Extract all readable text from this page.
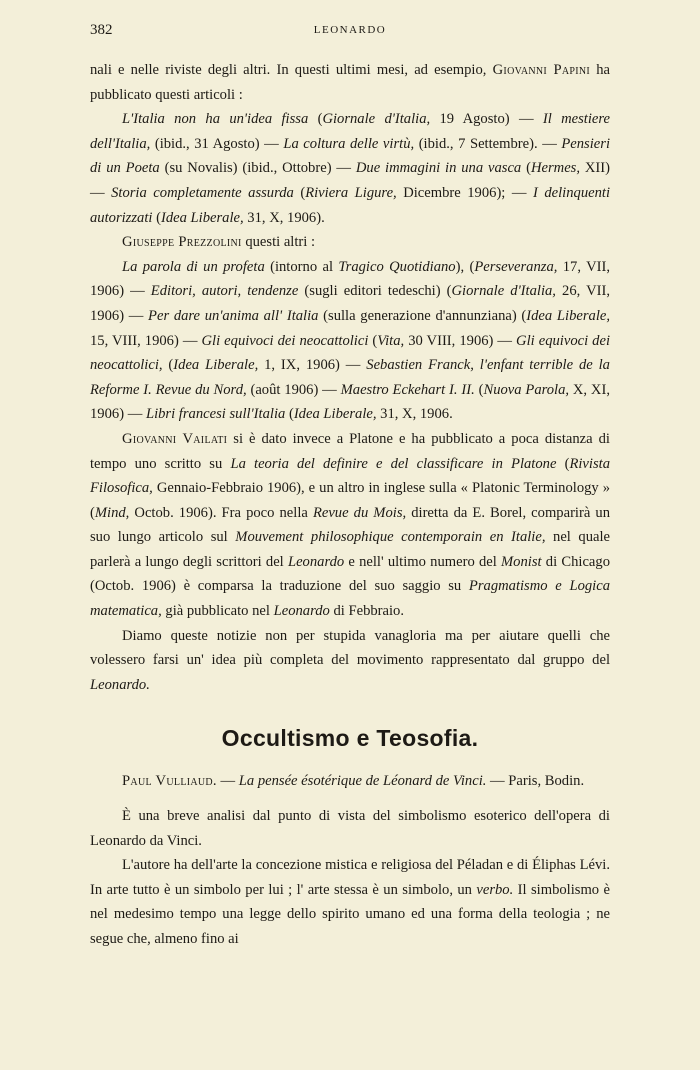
382	LEONARDO

nali e nelle riviste degli altri. In questi ultimi mesi, ad esempio, Giovanni Papini ha pubblicato questi articoli :

L'Italia non ha un'idea fissa (Giornale d'Italia, 19 Agosto) — Il mestiere dell'Italia, (ibid., 31 Agosto) — La coltura delle virtù, (ibid., 7 Settembre). — Pensieri di un Poeta (su Novalis) (ibid., Ottobre) — Due immagini in una vasca (Hermes, XII) — Storia completamente assurda (Riviera Ligure, Dicembre 1906); — I delinquenti autorizzati (Idea Liberale, 31, X, 1906).

Giuseppe Prezzolini questi altri :

La parola di un profeta (intorno al Tragico Quotidiano), (Perseveranza, 17, VII, 1906) — Editori, autori, tendenze (sugli editori tedeschi) (Giornale d'Italia, 26, VII, 1906) — Per dare un'anima all' Italia (sulla generazione d'annunziana) (Idea Liberale, 15, VIII, 1906) — Gli equivoci dei neocattolici (Vita, 30 VIII, 1906) — Gli equivoci dei neocattolici, (Idea Liberale, 1, IX, 1906) — Sebastien Franck, l'enfant terrible de la Reforme I. Revue du Nord, (août 1906) — Maestro Eckehart I. II. (Nuova Parola, X, XI, 1906) — Libri francesi sull'Italia (Idea Liberale, 31, X, 1906.

Giovanni Vailati si è dato invece a Platone e ha pubblicato a poca distanza di tempo uno scritto su La teoria del definire e del classificare in Platone (Rivista Filosofica, Gennaio-Febbraio 1906), e un altro in inglese sulla « Platonic Terminology » (Mind, Octob. 1906). Fra poco nella Revue du Mois, diretta da E. Borel, comparirà un suo lungo articolo sul Mouvement philosophique contemporain en Italie, nel quale parlerà a lungo degli scrittori del Leonardo e nell' ultimo numero del Monist di Chicago (Octob. 1906) è comparsa la traduzione del suo saggio su Pragmatismo e Logica matematica, già pubblicato nel Leonardo di Febbraio.

Diamo queste notizie non per stupida vanagloria ma per aiutare quelli che volessero farsi un' idea più completa del movimento rappresentato dal gruppo del Leonardo.

Occultismo e Teosofia.

Paul Vulliaud. — La pensée ésotérique de Léonard de Vinci. — Paris, Bodin.

È una breve analisi dal punto di vista del simbolismo esoterico dell'opera di Leonardo da Vinci.

L'autore ha dell'arte la concezione mistica e religiosa del Péladan e di Éliphas Lévi. In arte tutto è un simbolo per lui ; l' arte stessa è un simbolo, un verbo. Il simbolismo è nel medesimo tempo una legge dello spirito umano ed una forma della teologia ; ne segue che, almeno fino ai
